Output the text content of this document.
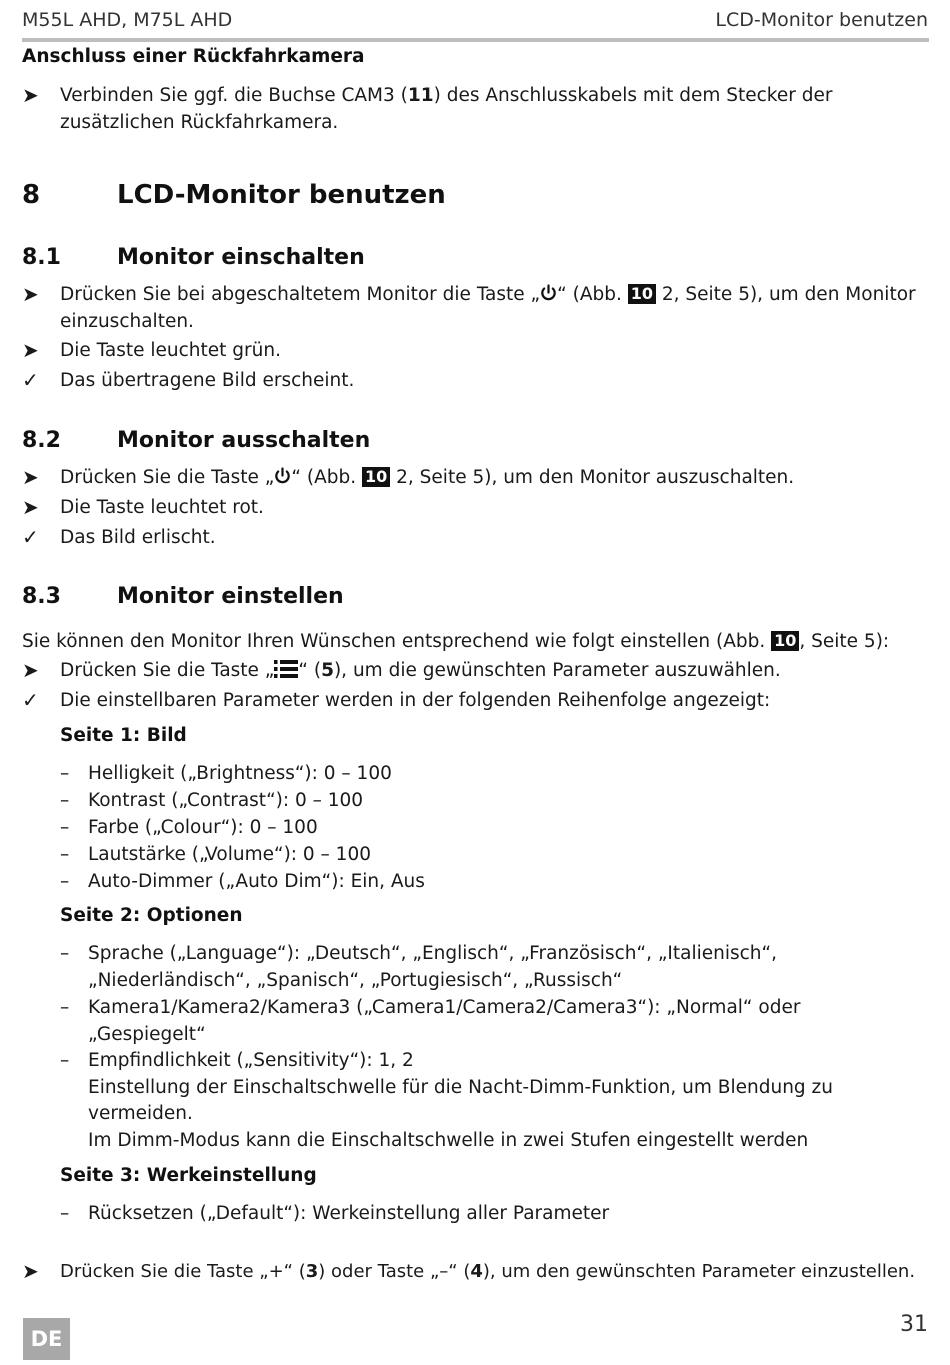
M55L AHD, M75L AHD	LCD-Monitor benutzen
Anschluss einer Rückfahrkamera
➤	Verbinden Sie ggf. die Buchse CAM3 (11) des Anschlusskabels mit dem Stecker der zusätzlichen Rückfahrkamera.
8	LCD-Monitor benutzen
8.1	Monitor einschalten
➤	Drücken Sie bei abgeschaltetem Monitor die Taste „ “ (Abb. 10 2, Seite 5), um den Monitor einzuschalten.
➤	Die Taste leuchtet grün.
✓	Das übertragene Bild erscheint.
8.2	Monitor ausschalten
➤	Drücken Sie die Taste „ “ (Abb. 10 2, Seite 5), um den Monitor auszuschalten.
➤	Die Taste leuchtet rot.
✓	Das Bild erlischt.
8.3	Monitor einstellen
Sie können den Monitor Ihren Wünschen entsprechend wie folgt einstellen (Abb. 10 , Seite 5):
➤	Drücken Sie die Taste „ “ (5), um die gewünschten Parameter auszuwählen.
✓	Die einstellbaren Parameter werden in der folgenden Reihenfolge angezeigt:
Seite 1: Bild
– Helligkeit („Brightness“): 0 – 100
– Kontrast („Contrast“): 0 – 100
– Farbe („Colour“): 0 – 100
– Lautstärke („Volume“): 0 – 100
– Auto-Dimmer („Auto Dim“): Ein, Aus
Seite 2: Optionen
– Sprache („Language“): „Deutsch“, „Englisch“, „Französisch“, „Italienisch“, „Niederländisch“, „Spanisch“, „Portugiesisch“, „Russisch“
– Kamera1/Kamera2/Kamera3 („Camera1/Camera2/Camera3“): „Normal“ oder „Gespiegelt“
– Empfindlichkeit („Sensitivity“): 1, 2
Einstellung der Einschaltschwelle für die Nacht-Dimm-Funktion, um Blendung zu vermeiden.
Im Dimm-Modus kann die Einschaltschwelle in zwei Stufen eingestellt werden
Seite 3: Werkeinstellung
– Rücksetzen („Default“): Werkeinstellung aller Parameter
➤	Drücken Sie die Taste „+“ (3) oder Taste „–“ (4), um den gewünschten Parameter einzustellen.
DE
31
